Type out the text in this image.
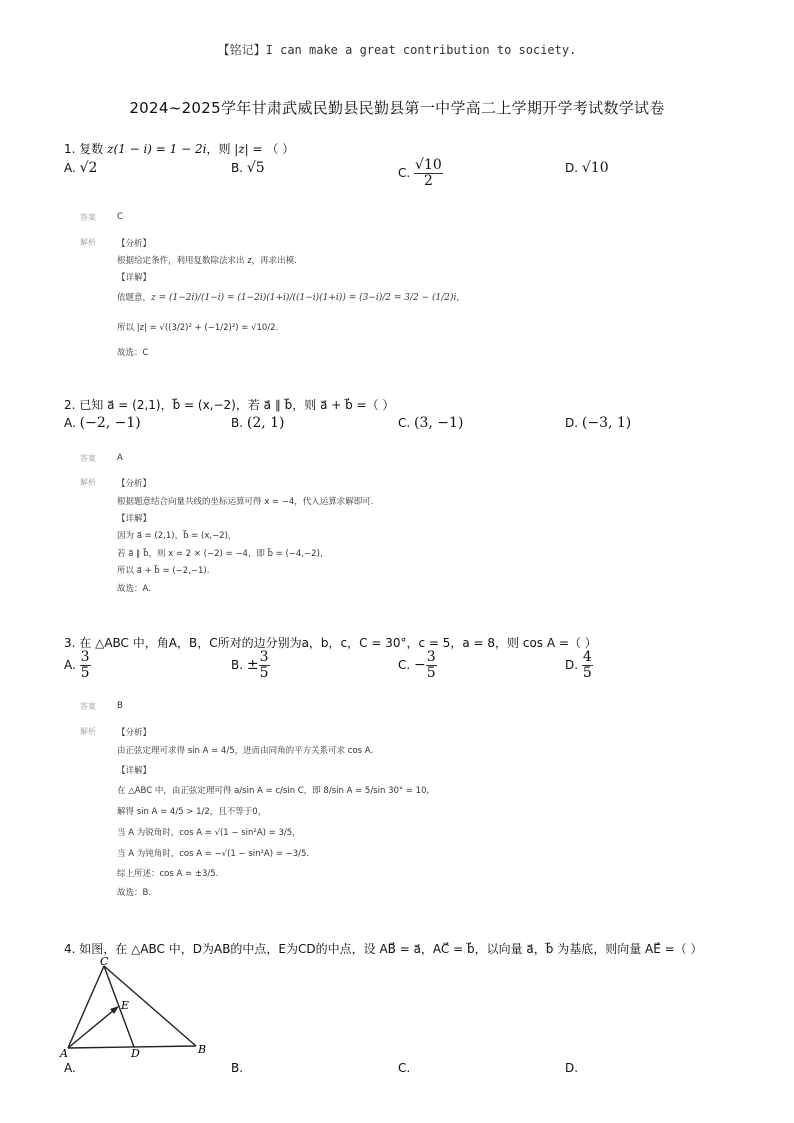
【铭记】I can make a great contribution to society.
2024~2025学年甘肃武威民勤县民勤县第一中学高二上学期开学考试数学试卷
1. 复数 z(1 − i) = 1 − 2i，则 |z| = （ ）
A. √2	B. √5	C. $\frac{√10}{2}$	D. √10
答案 C
解析 【分析】
根据给定条件，利用复数除法求出 z，再求出模.
【详解】
依题意，z = (1−2i)/(1−i) = (1−2i)(1+i)/((1−i)(1+i)) = (3−i)/2 = 3/2 − (1/2)i,
所以 |z| = √((3/2)² + (−1/2)²) = √10/2.
故选：C
2. 已知 a⃗ = (2,1)，b⃗ = (x,−2)，若 a⃗ ∥ b⃗，则 a⃗ + b⃗ =（ ）
A. (−2, −1)	B. (2, 1)	C. (3, −1)	D. (−3, 1)
答案 A
解析 【分析】
根据题意结合向量共线的坐标运算可得 x = −4，代入运算求解即可.
【详解】
因为 a⃗ = (2,1)，b⃗ = (x,−2)，
若 a⃗ ∥ b⃗，则 x = 2 × (−2) = −4，即 b⃗ = (−4,−2)，
所以 a⃗ + b⃗ = (−2,−1).
故选：A.
3. 在 △ABC 中，角A，B，C所对的边分别为a，b，c，C = 30°，c = 5，a = 8，则 cos A =（ ）
A. $\frac{3}{5}$	B. ± $\frac{3}{5}$	C. − $\frac{3}{5}$	D. $\frac{4}{5}$
答案 B
解析 【分析】
由正弦定理可求得 sin A = 4/5，进而由同角的平方关系可求 cos A.
【详解】
在 △ABC 中，由正弦定理可得 a/sin A = c/sin C，即 8/sin A = 5/sin 30° = 10,
解得 sin A = 4/5 > 1/2，且不等于0，
当 A 为锐角时，cos A = √(1 − sin²A) = 3/5，
当 A 为钝角时，cos A = −√(1 − sin²A) = −3/5.
综上所述：cos A = ±3/5.
故选：B.
4. 如图，在 △ABC 中，D为AB的中点，E为CD的中点，设 AB⃗ = a⃗，AC⃗ = b⃗，以向量 a⃗，b⃗ 为基底，则向量 AE⃗ =（ ）
C
E
A	D	B
A.	B.	C.	D.
